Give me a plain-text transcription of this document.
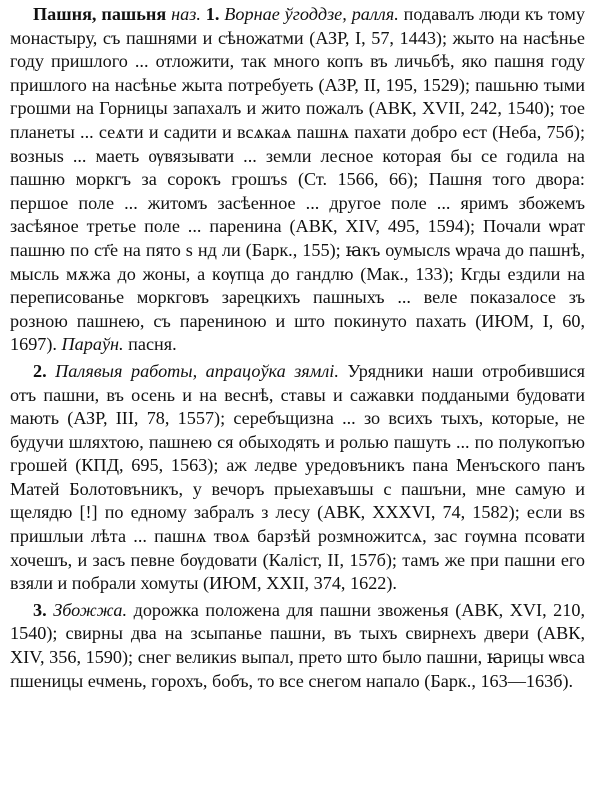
Пашня, пашьня наз. 1. Ворнае ўгоддзе, ралля. подавалъ люди къ тому монастыру, съ пашнями и сѣножатми (АЗР, I, 57, 1443); жыто на насѣнье году пришлого ... отложити, так много копъ въ личьбѣ, яко пашня году пришлого на насѣнье жыта потребуеть (АЗР, II, 195, 1529); пашьню тыми грошми на Горницы запахалъ и жито пожалъ (АВК, XVII, 242, 1540); тое планеты ... сеѧти и садити и всѧкаѧ пашнѧ пахати добро ест (Неба, 75б); возныs ... маеть ѹвязывати ... земли лесное которая бы се годила на пашню моркгъ за сорокъ грошъs (Ст. 1566, 66); Пашня того двора: першое поле ... житомъ засѣенное ... другое поле ... яримъ збожемъ засѣяное третье поле ... паренина (АВК, XIV, 495, 1594); Почали ѡрат пашню по ст҃е на пято s нд ли (Барк., 155); ꙗкъ оумыслs ѡрача до пашнѣ, мысль мѫжа до жоны, а кѹпца до гандлю (Мак., 133); Кгды ездили на переписованье моркговъ зарецкихъ пашныхъ ... веле показалосе зъ розною пашнею, съ парениною и што покинуто пахать (ИЮМ, I, 60, 1697). Параўн. пасня.

2. Палявыя работы, апрацоўка зямлі. Урядники наши отробившися отъ пашни, въ осень и на веснѣ, ставы и сажавки поддаными будовати мають (АЗР, III, 78, 1557); серебъщизна ... зо всихъ тыхъ, которые, не будучи шляхтою, пашнею ся обыходять и ролью пашуть ... по полукопъю грошей (КПД, 695, 1563); аж ледве уредовъникъ пана Менъского панъ Матей Болотовъникъ, у вечоръ прыехавъшы с пашъни, мне самую и щелядю [!] по едному забралъ з лесу (АВК, XXXVI, 74, 1582); если вs пришлыи лѣта ... пашнѧ твоѧ барзѣй розмножитсѧ, зас гѹмна псовати хочешъ, и засъ певне бѹдовати (Каліст, II, 157б); тамъ же при пашни его взяли и побрали хомуты (ИЮМ, XXII, 374, 1622).

3. Збожжа. дорожка положена для пашни звоженья (АВК, XVI, 210, 1540); свирны два на зсыпанье пашни, въ тыхъ свирнехъ двери (АВК, XIV, 356, 1590); снег великиs выпал, прето што было пашни, ꙗрицы ѡвса пшеницы ечмень, горохъ, бобъ, то все снегом напало (Барк., 163—163б).
